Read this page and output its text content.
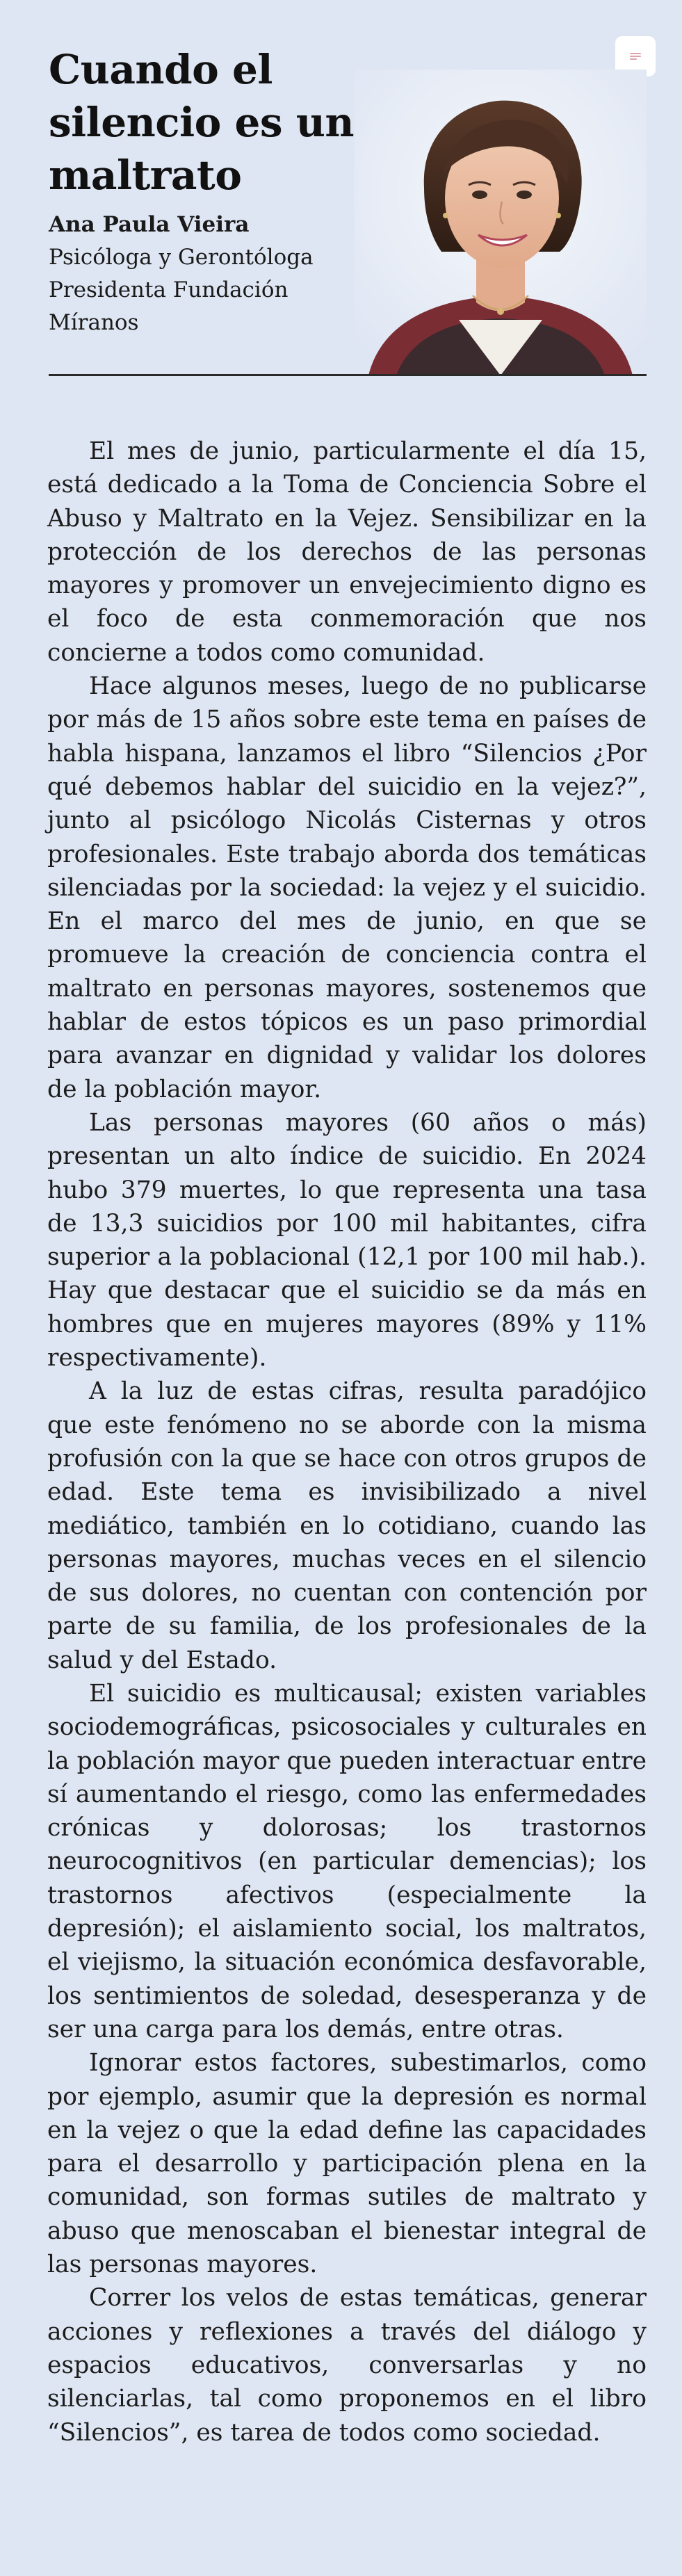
Cuando el silencio es un maltrato
Ana Paula Vieira
Psicóloga y Gerontóloga
Presidenta Fundación
Míranos

El mes de junio, particularmente el día 15, está dedicado a la Toma de Conciencia Sobre el Abuso y Maltrato en la Vejez. Sensibilizar en la protección de los derechos de las personas mayores y promover un envejecimiento digno es el foco de esta conmemoración que nos concierne a todos como comunidad.

Hace algunos meses, luego de no publicarse por más de 15 años sobre este tema en países de habla hispana, lanzamos el libro “Silencios ¿Por qué debemos hablar del suicidio en la vejez?”, junto al psicólogo Nicolás Cisternas y otros profesionales. Este trabajo aborda dos temáticas silenciadas por la sociedad: la vejez y el suicidio. En el marco del mes de junio, en que se promueve la creación de conciencia contra el maltrato en personas mayores, sostenemos que hablar de estos tópicos es un paso primordial para avanzar en dignidad y validar los dolores de la población mayor.

Las personas mayores (60 años o más) presentan un alto índice de suicidio. En 2024 hubo 379 muertes, lo que representa una tasa de 13,3 suicidios por 100 mil habitantes, cifra superior a la poblacional (12,1 por 100 mil hab.). Hay que destacar que el suicidio se da más en hombres que en mujeres mayores (89% y 11% respectivamente).

A la luz de estas cifras, resulta paradójico que este fenómeno no se aborde con la misma profusión con la que se hace con otros grupos de edad. Este tema es invisibilizado a nivel mediático, también en lo cotidiano, cuando las personas mayores, muchas veces en el silencio de sus dolores, no cuentan con contención por parte de su familia, de los profesionales de la salud y del Estado.

El suicidio es multicausal; existen variables sociodemográficas, psicosociales y culturales en la población mayor que pueden interactuar entre sí aumentando el riesgo, como las enfermedades crónicas y dolorosas; los trastornos neurocognitivos (en particular demencias); los trastornos afectivos (especialmente la depresión); el aislamiento social, los maltratos, el viejismo, la situación económica desfavorable, los sentimientos de soledad, desesperanza y de ser una carga para los demás, entre otras.

Ignorar estos factores, subestimarlos, como por ejemplo, asumir que la depresión es normal en la vejez o que la edad define las capacidades para el desarrollo y participación plena en la comunidad, son formas sutiles de maltrato y abuso que menoscaban el bienestar integral de las personas mayores.

Correr los velos de estas temáticas, generar acciones y reflexiones a través del diálogo y espacios educativos, conversarlas y no silenciarlas, tal como proponemos en el libro “Silencios”, es tarea de todos como sociedad.
